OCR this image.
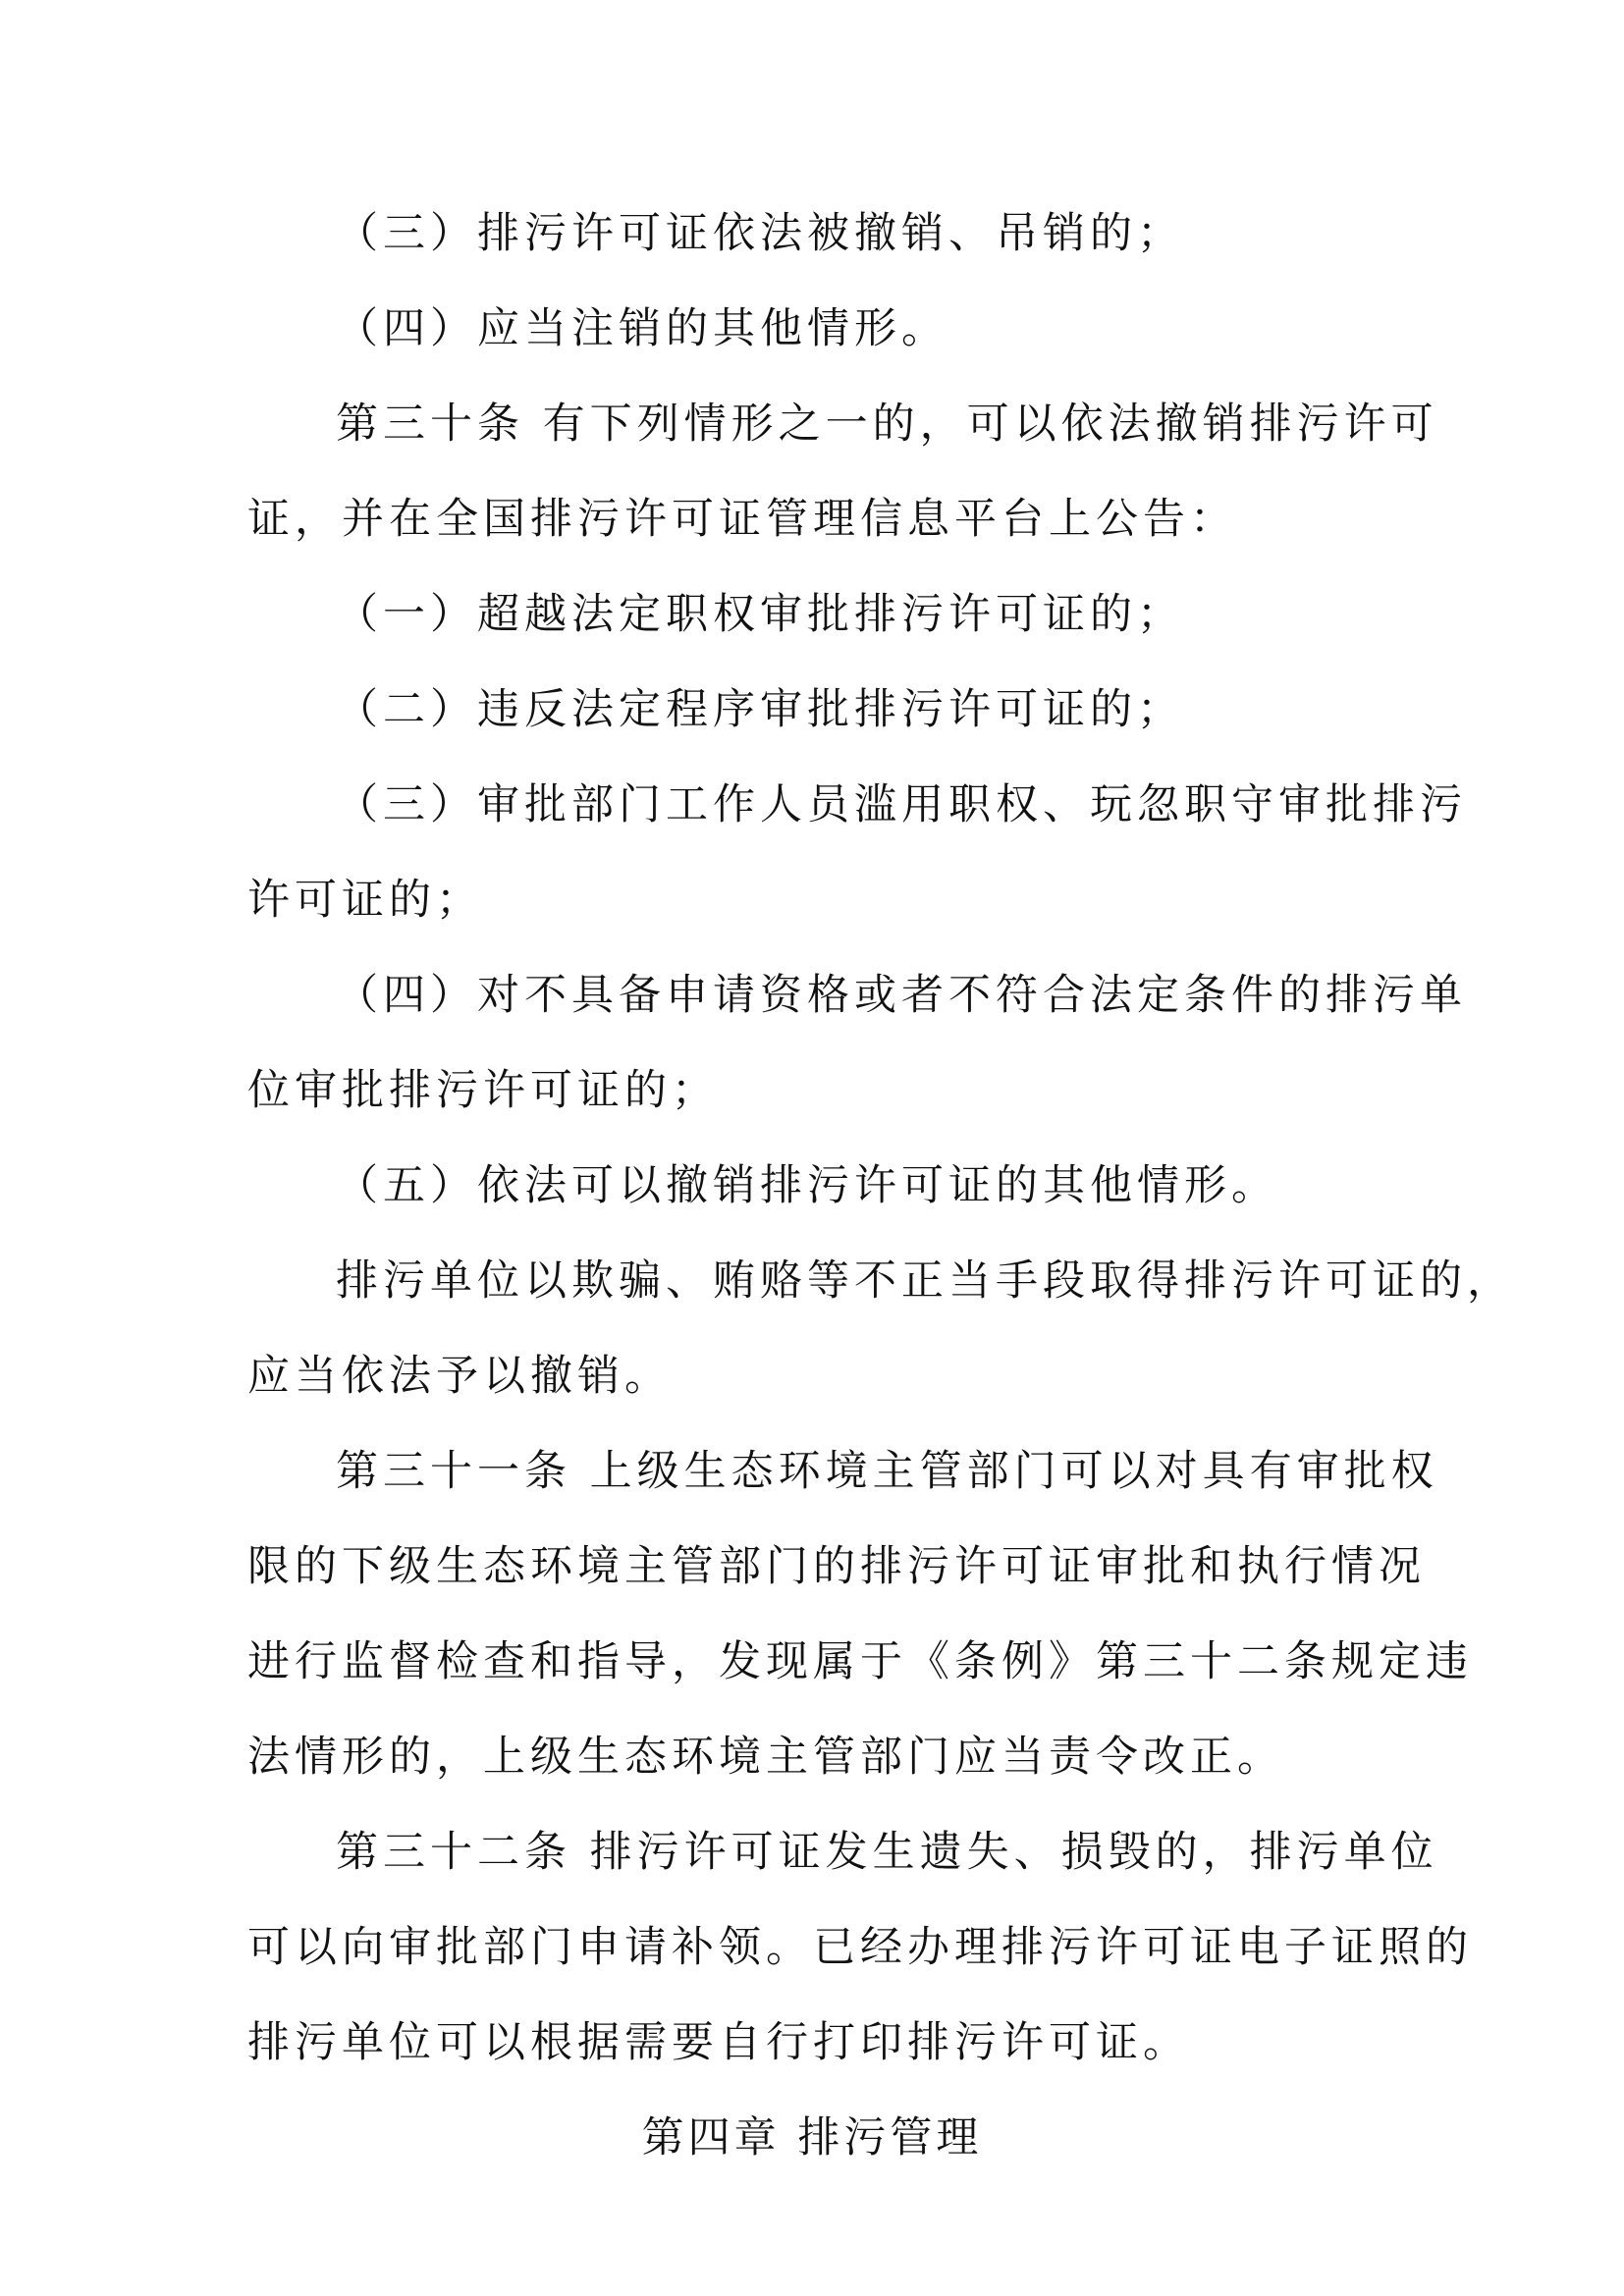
（三）排污许可证依法被撤销、吊销的；
（四）应当注销的其他情形。
第三十条 有下列情形之一的，可以依法撤销排污许可
证，并在全国排污许可证管理信息平台上公告：
（一）超越法定职权审批排污许可证的；
（二）违反法定程序审批排污许可证的；
（三）审批部门工作人员滥用职权、玩忽职守审批排污
许可证的；
（四）对不具备申请资格或者不符合法定条件的排污单
位审批排污许可证的；
（五）依法可以撤销排污许可证的其他情形。
排污单位以欺骗、贿赂等不正当手段取得排污许可证的，
应当依法予以撤销。
第三十一条 上级生态环境主管部门可以对具有审批权
限的下级生态环境主管部门的排污许可证审批和执行情况
进行监督检查和指导，发现属于《条例》第三十二条规定违
法情形的，上级生态环境主管部门应当责令改正。
第三十二条 排污许可证发生遗失、损毁的，排污单位
可以向审批部门申请补领。已经办理排污许可证电子证照的
排污单位可以根据需要自行打印排污许可证。
第四章 排污管理
